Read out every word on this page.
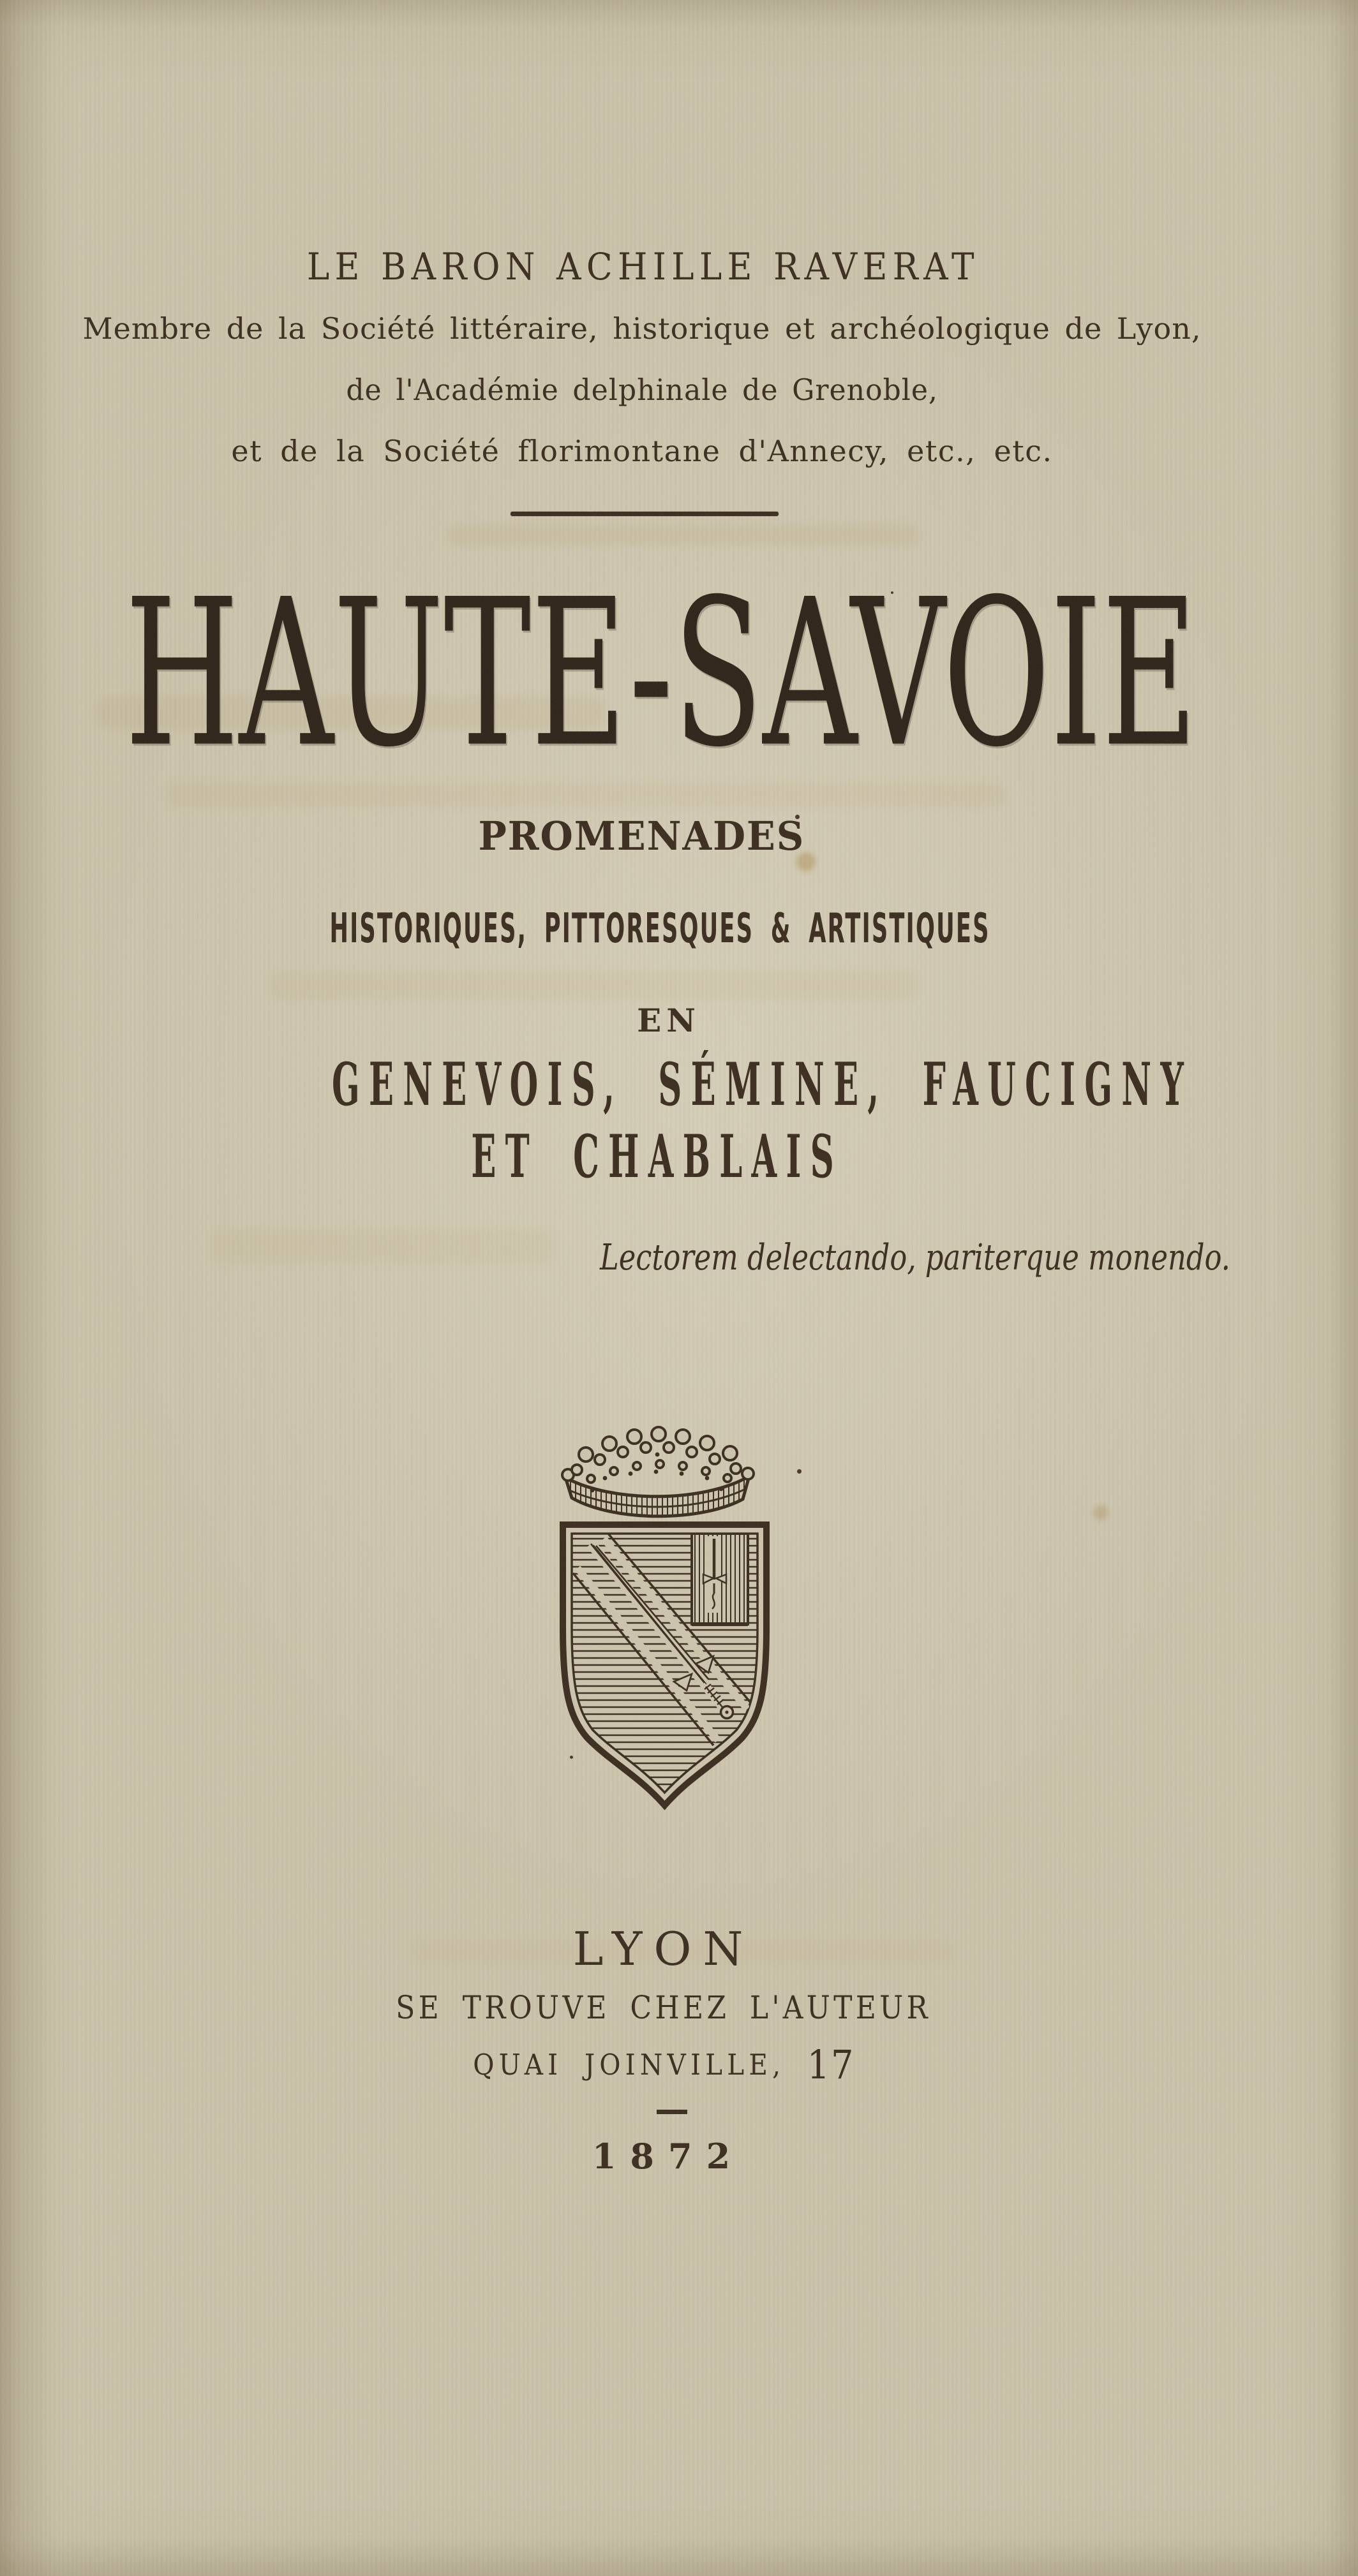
LE BARON ACHILLE RAVERAT
Membre de la Société littéraire, historique et archéologique de Lyon,
de l'Académie delphinale de Grenoble,
et de la Société florimontane d'Annecy, etc., etc.
HAUTE-SAVOIE
PROMENADES
HISTORIQUES, PITTORESQUES & ARTISTIQUES
EN
GENEVOIS, SÉMINE, FAUCIGNY
ET CHABLAIS
Lectorem delectando, pariterque monendo.
LYON
SE TROUVE CHEZ L'AUTEUR
QUAI JOINVILLE, 17
1872
